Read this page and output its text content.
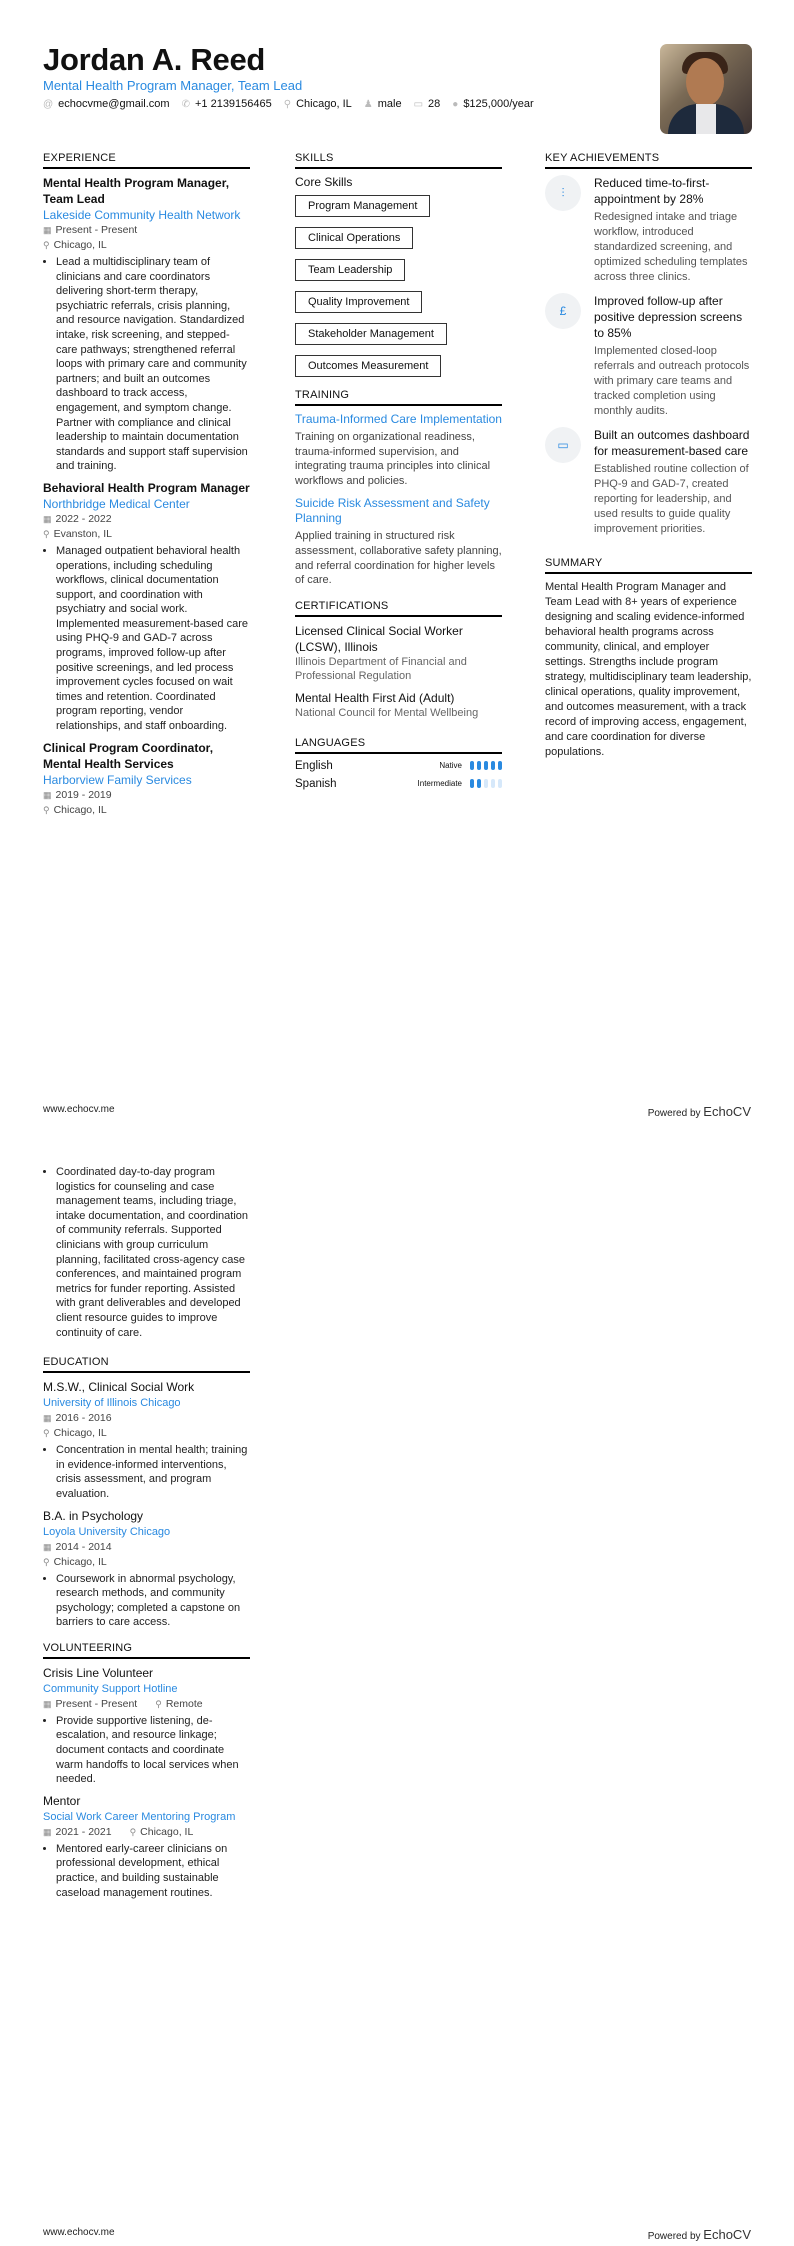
Jordan A. Reed
Mental Health Program Manager, Team Lead
@ echocvme@gmail.com ✆ +1 2139156465 ⚲ Chicago, IL ♟ male ▭ 28 ● $125,000/year
EXPERIENCE
Mental Health Program Manager, Team Lead
Lakeside Community Health Network
▦ Present - Present
⚲ Chicago, IL
• Lead a multidisciplinary team of clinicians and care coordinators delivering short-term therapy, psychiatric referrals, crisis planning, and resource navigation. Standardized intake, risk screening, and stepped-care pathways; strengthened referral loops with primary care and community partners; and built an outcomes dashboard to track access, engagement, and symptom change. Partner with compliance and clinical leadership to maintain documentation standards and support staff supervision and training.
Behavioral Health Program Manager
Northbridge Medical Center
▦ 2022 - 2022
⚲ Evanston, IL
• Managed outpatient behavioral health operations, including scheduling workflows, clinical documentation support, and coordination with psychiatry and social work. Implemented measurement-based care using PHQ-9 and GAD-7 across programs, improved follow-up after positive screenings, and led process improvement cycles focused on wait times and retention. Coordinated program reporting, vendor relationships, and staff onboarding.
Clinical Program Coordinator, Mental Health Services
Harborview Family Services
▦ 2019 - 2019
⚲ Chicago, IL
SKILLS
Core Skills
Program Management
Clinical Operations
Team Leadership
Quality Improvement
Stakeholder Management
Outcomes Measurement
TRAINING
Trauma-Informed Care Implementation
Training on organizational readiness, trauma-informed supervision, and integrating trauma principles into clinical workflows and policies.
Suicide Risk Assessment and Safety Planning
Applied training in structured risk assessment, collaborative safety planning, and referral coordination for higher levels of care.
CERTIFICATIONS
Licensed Clinical Social Worker (LCSW), Illinois
Illinois Department of Financial and Professional Regulation
Mental Health First Aid (Adult)
National Council for Mental Wellbeing
LANGUAGES
English	Native
Spanish	Intermediate
KEY ACHIEVEMENTS
⫶
Reduced time-to-first-appointment by 28%
Redesigned intake and triage workflow, introduced standardized screening, and optimized scheduling templates across three clinics.
£
Improved follow-up after positive depression screens to 85%
Implemented closed-loop referrals and outreach protocols with primary care teams and tracked completion using monthly audits.
▭
Built an outcomes dashboard for measurement-based care
Established routine collection of PHQ-9 and GAD-7, created reporting for leadership, and used results to guide quality improvement priorities.
SUMMARY
Mental Health Program Manager and Team Lead with 8+ years of experience designing and scaling evidence-informed behavioral health programs across community, clinical, and employer settings. Strengths include program strategy, multidisciplinary team leadership, clinical operations, quality improvement, and outcomes measurement, with a track record of improving access, engagement, and care coordination for diverse populations.
www.echocv.me	Powered by EchoCV
• Coordinated day-to-day program logistics for counseling and case management teams, including triage, intake documentation, and coordination of community referrals. Supported clinicians with group curriculum planning, facilitated cross-agency case conferences, and maintained program metrics for funder reporting. Assisted with grant deliverables and developed client resource guides to improve continuity of care.
EDUCATION
M.S.W., Clinical Social Work
University of Illinois Chicago
▦ 2016 - 2016
⚲ Chicago, IL
• Concentration in mental health; training in evidence-informed interventions, crisis assessment, and program evaluation.
B.A. in Psychology
Loyola University Chicago
▦ 2014 - 2014
⚲ Chicago, IL
• Coursework in abnormal psychology, research methods, and community psychology; completed a capstone on barriers to care access.
VOLUNTEERING
Crisis Line Volunteer
Community Support Hotline
▦ Present - Present ⚲ Remote
• Provide supportive listening, de-escalation, and resource linkage; document contacts and coordinate warm handoffs to local services when needed.
Mentor
Social Work Career Mentoring Program
▦ 2021 - 2021 ⚲ Chicago, IL
• Mentored early-career clinicians on professional development, ethical practice, and building sustainable caseload management routines.
www.echocv.me	Powered by EchoCV
